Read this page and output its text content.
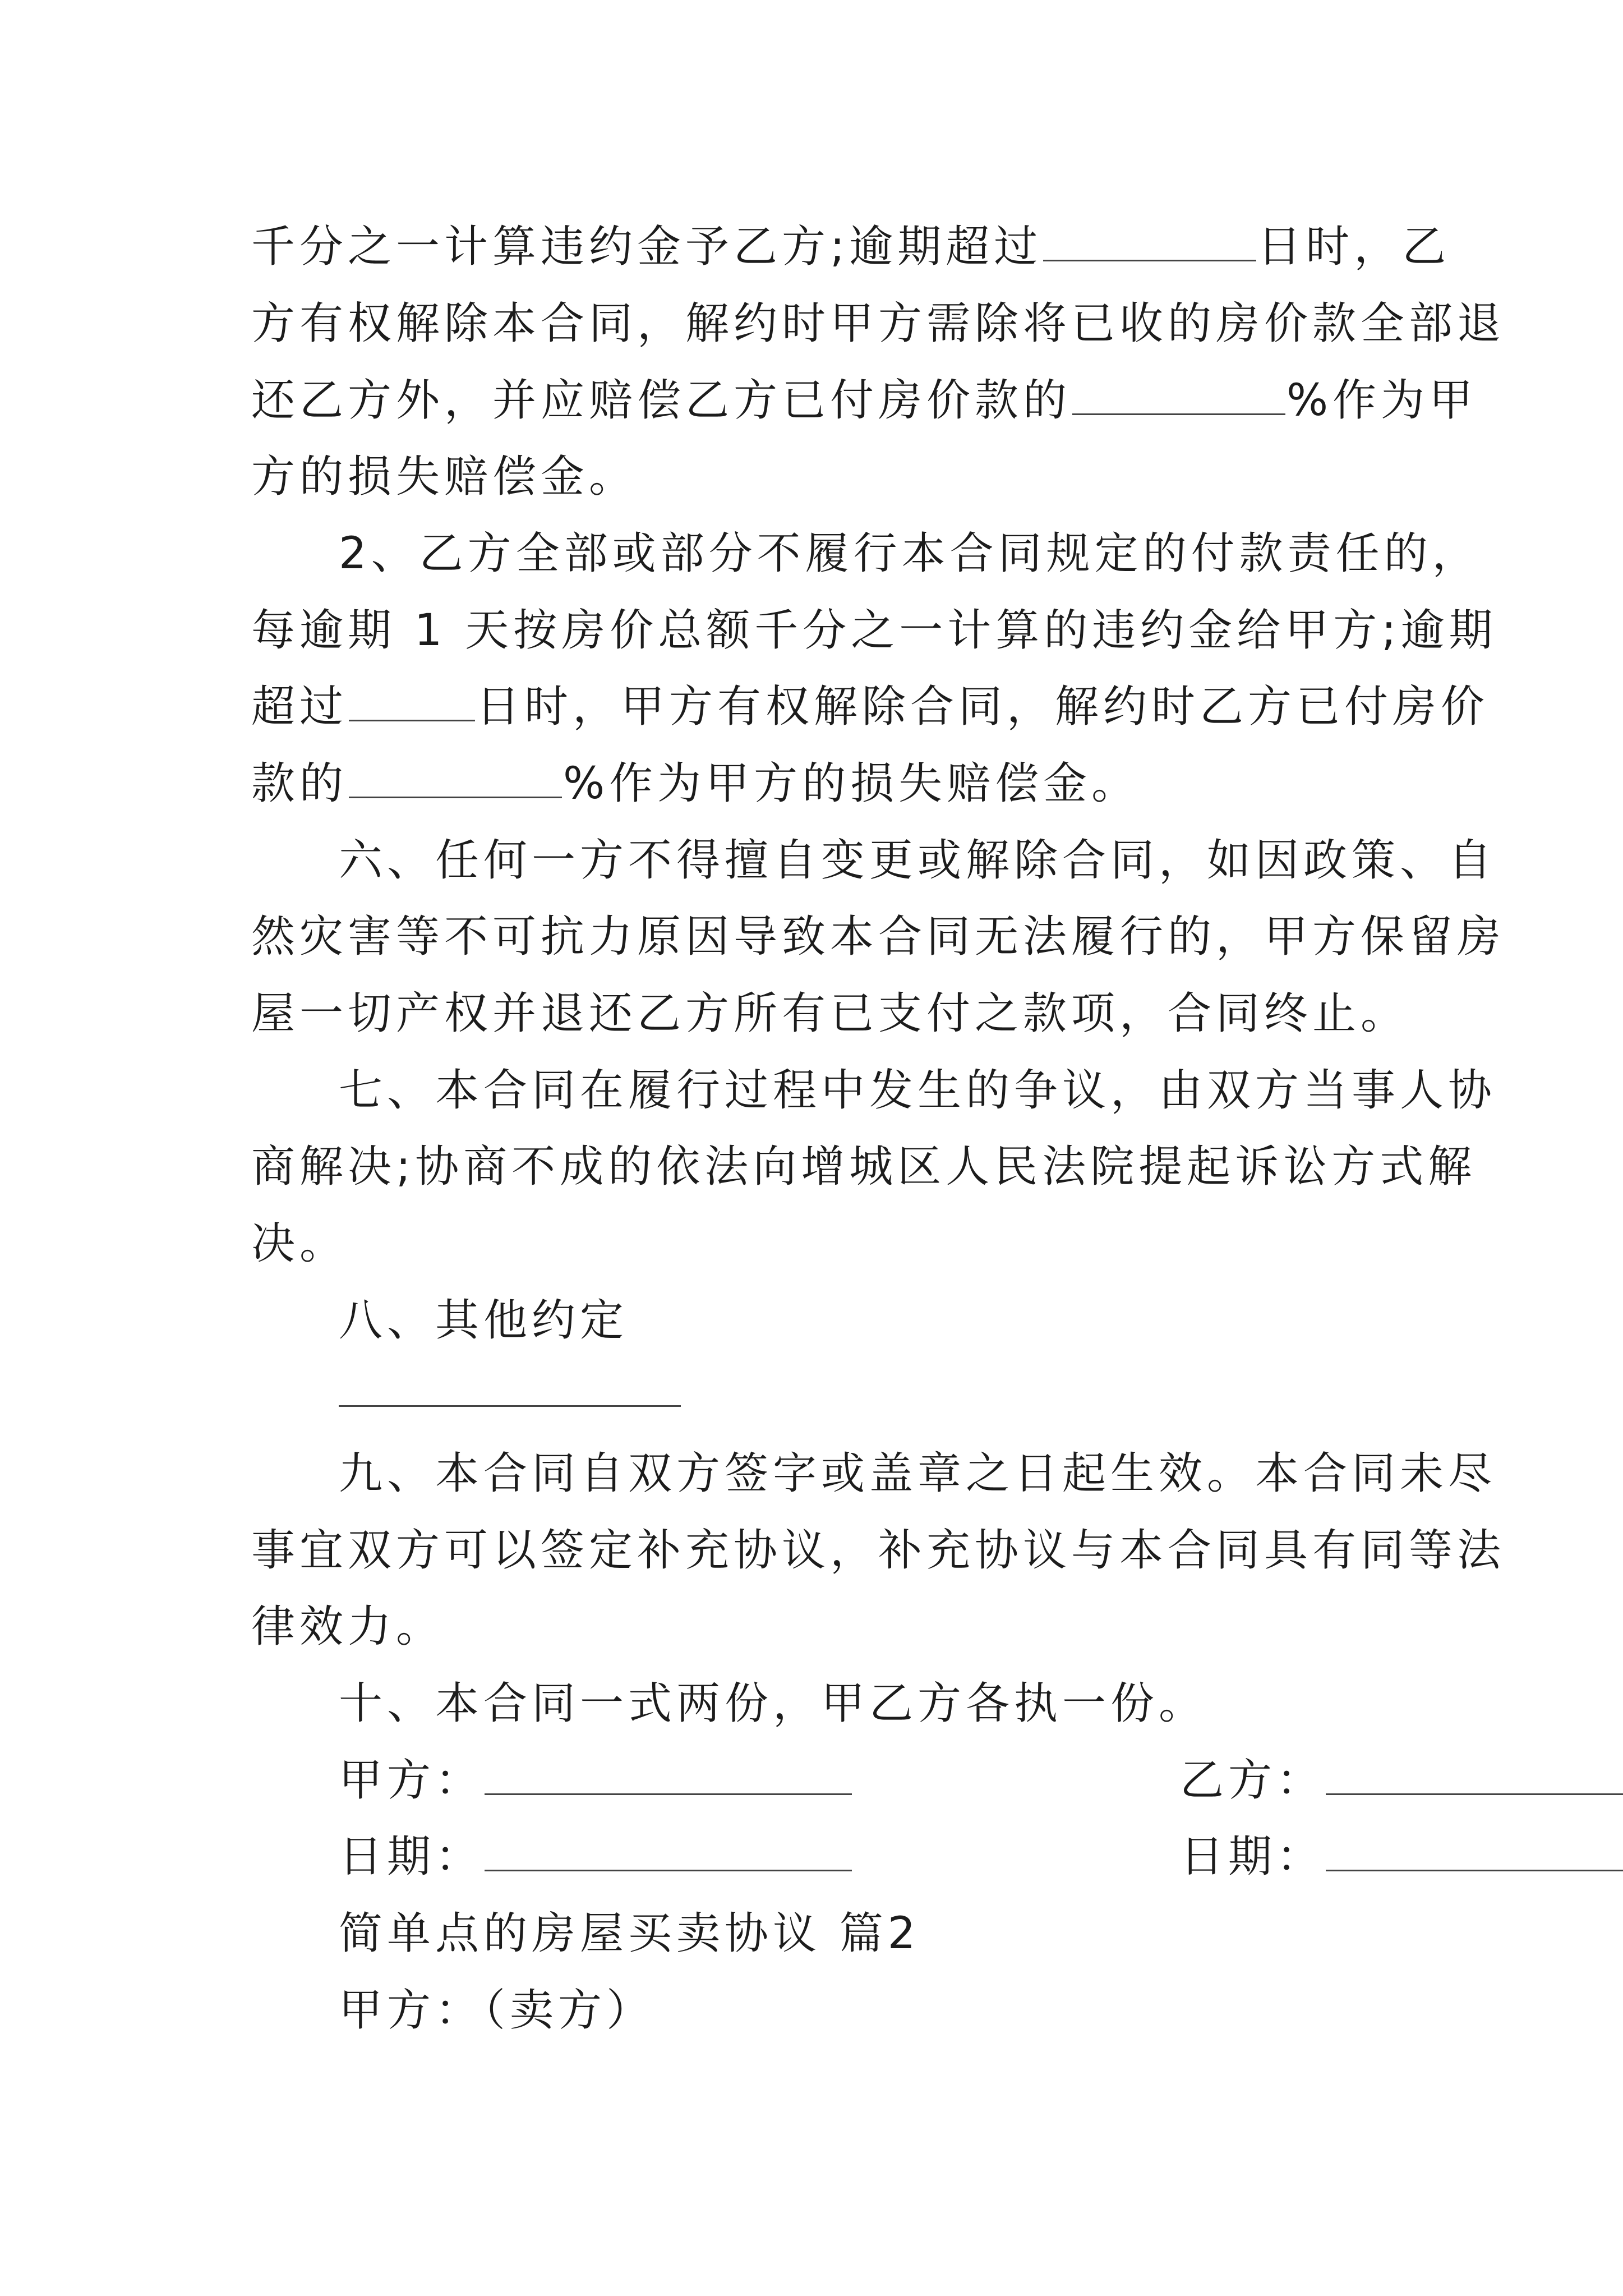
千分之一计算违约金予乙方;逾期超过	日时，乙
方有权解除本合同，解约时甲方需除将已收的房价款全部退
还乙方外，并应赔偿乙方已付房价款的	%作为甲
方的损失赔偿金。
2、乙方全部或部分不履行本合同规定的付款责任的，
每逾期 1 天按房价总额千分之一计算的违约金给甲方;逾期
超过	日时，甲方有权解除合同，解约时乙方已付房价
款的	%作为甲方的损失赔偿金。
六、任何一方不得擅自变更或解除合同，如因政策、自
然灾害等不可抗力原因导致本合同无法履行的，甲方保留房
屋一切产权并退还乙方所有已支付之款项，合同终止。
七、本合同在履行过程中发生的争议，由双方当事人协
商解决;协商不成的依法向增城区人民法院提起诉讼方式解
决。
八、其他约定
九、本合同自双方签字或盖章之日起生效。本合同未尽
事宜双方可以签定补充协议，补充协议与本合同具有同等法
律效力。
十、本合同一式两份，甲乙方各执一份。
甲方：	乙方：
日期：	日期：
简单点的房屋买卖协议 篇2
甲方：（卖方）
